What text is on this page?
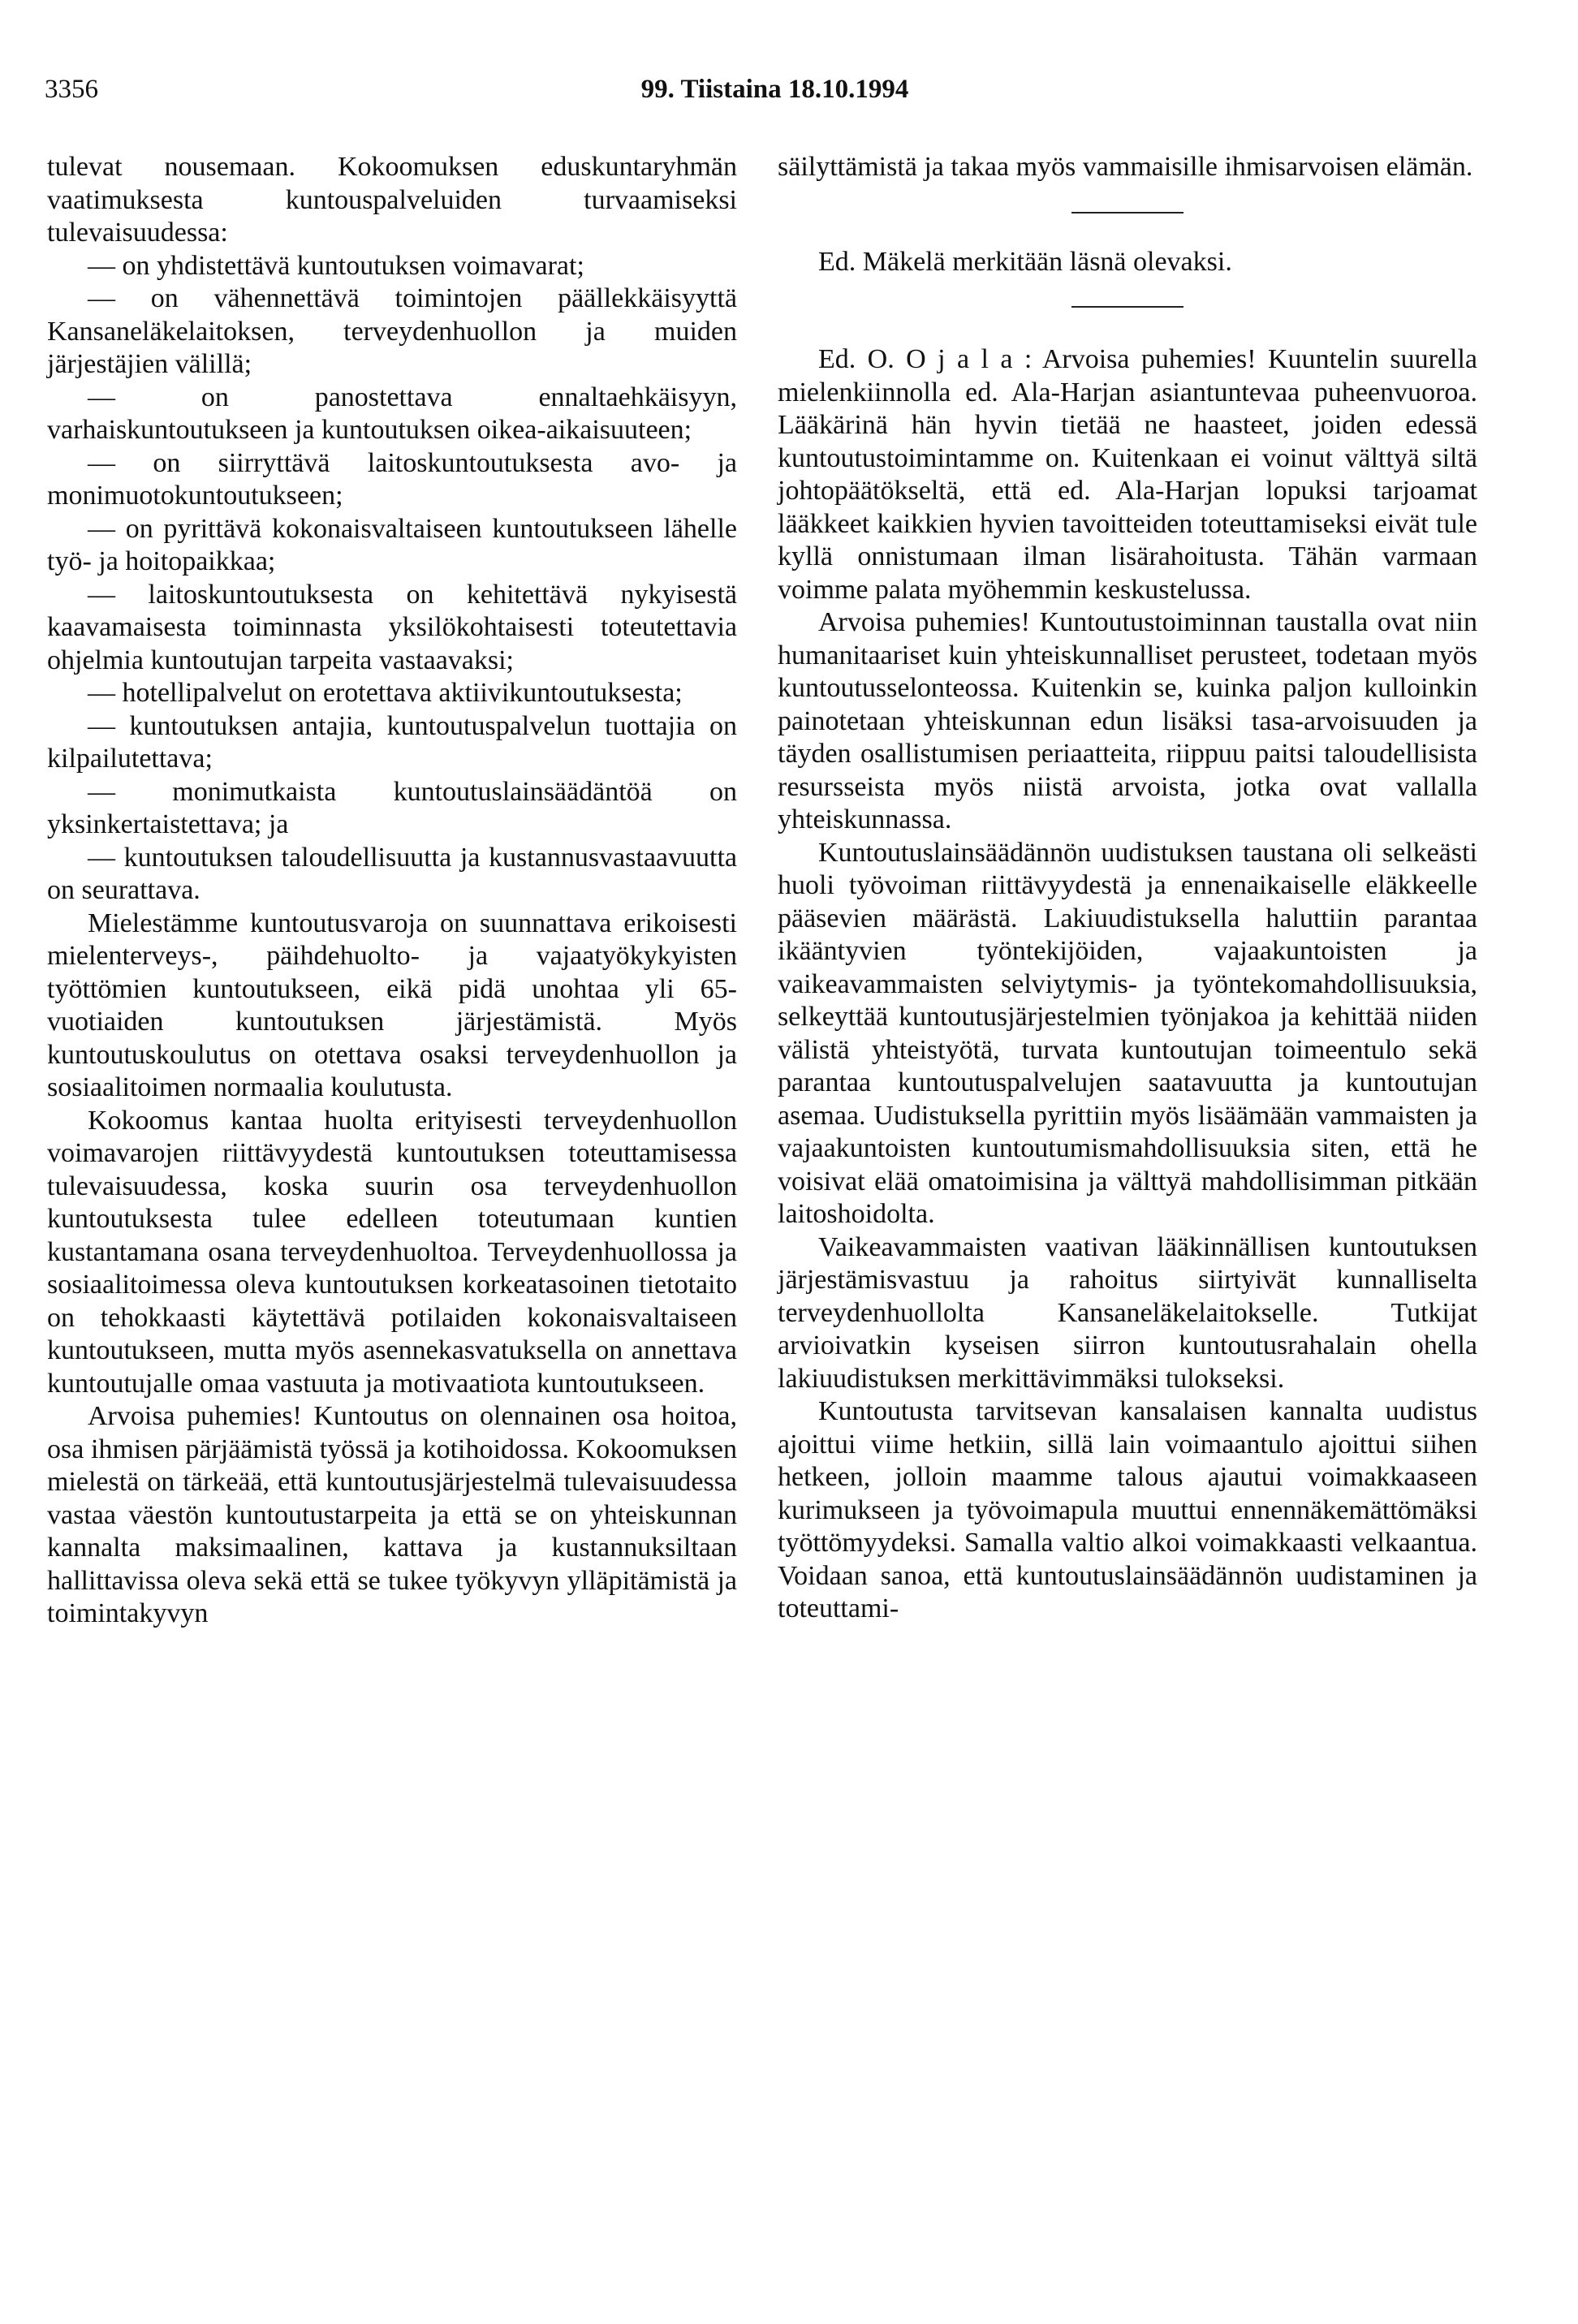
3356	99. Tiistaina 18.10.1994

tulevat nousemaan. Kokoomuksen eduskuntaryhmän vaatimuksesta kuntouspalveluiden turvaamiseksi tulevaisuudessa:

— on yhdistettävä kuntoutuksen voimavarat;

— on vähennettävä toimintojen päällekkäisyyttä Kansaneläkelaitoksen, terveydenhuollon ja muiden järjestäjien välillä;

— on panostettava ennaltaehkäisyyn, varhaiskuntoutukseen ja kuntoutuksen oikea-aikaisuuteen;

— on siirryttävä laitoskuntoutuksesta avo- ja monimuotokuntoutukseen;

— on pyrittävä kokonaisvaltaiseen kuntoutukseen lähelle työ- ja hoitopaikkaa;

— laitoskuntoutuksesta on kehitettävä nykyisestä kaavamaisesta toiminnasta yksilökohtaisesti toteutettavia ohjelmia kuntoutujan tarpeita vastaavaksi;

— hotellipalvelut on erotettava aktiivikuntoutuksesta;

— kuntoutuksen antajia, kuntoutuspalvelun tuottajia on kilpailutettava;

— monimutkaista kuntoutuslainsäädäntöä on yksinkertaistettava; ja

— kuntoutuksen taloudellisuutta ja kustannusvastaavuutta on seurattava.

Mielestämme kuntoutusvaroja on suunnattava erikoisesti mielenterveys-, päihdehuolto- ja vajaatyökykyisten työttömien kuntoutukseen, eikä pidä unohtaa yli 65-vuotiaiden kuntoutuksen järjestämistä. Myös kuntoutuskoulutus on otettava osaksi terveydenhuollon ja sosiaalitoimen normaalia koulutusta.

Kokoomus kantaa huolta erityisesti terveydenhuollon voimavarojen riittävyydestä kuntoutuksen toteuttamisessa tulevaisuudessa, koska suurin osa terveydenhuollon kuntoutuksesta tulee edelleen toteutumaan kuntien kustantamana osana terveydenhuoltoa. Terveydenhuollossa ja sosiaalitoimessa oleva kuntoutuksen korkeatasoinen tietotaito on tehokkaasti käytettävä potilaiden kokonaisvaltaiseen kuntoutukseen, mutta myös asennekasvatuksella on annettava kuntoutujalle omaa vastuuta ja motivaatiota kuntoutukseen.

Arvoisa puhemies! Kuntoutus on olennainen osa hoitoa, osa ihmisen pärjäämistä työssä ja kotihoidossa. Kokoomuksen mielestä on tärkeää, että kuntoutusjärjestelmä tulevaisuudessa vastaa väestön kuntoutustarpeita ja että se on yhteiskunnan kannalta maksimaalinen, kattava ja kustannuksiltaan hallittavissa oleva sekä että se tukee työkyvyn ylläpitämistä ja toimintakyvyn

säilyttämistä ja takaa myös vammaisille ihmisarvoisen elämän.

Ed. Mäkelä merkitään läsnä olevaksi.

Ed. O. O j a l a : Arvoisa puhemies! Kuuntelin suurella mielenkiinnolla ed. Ala-Harjan asiantuntevaa puheenvuoroa. Lääkärinä hän hyvin tietää ne haasteet, joiden edessä kuntoutustoimintamme on. Kuitenkaan ei voinut välttyä siltä johtopäätökseltä, että ed. Ala-Harjan lopuksi tarjoamat lääkkeet kaikkien hyvien tavoitteiden toteuttamiseksi eivät tule kyllä onnistumaan ilman lisärahoitusta. Tähän varmaan voimme palata myöhemmin keskustelussa.

Arvoisa puhemies! Kuntoutustoiminnan taustalla ovat niin humanitaariset kuin yhteiskunnalliset perusteet, todetaan myös kuntoutusselonteossa. Kuitenkin se, kuinka paljon kulloinkin painotetaan yhteiskunnan edun lisäksi tasa-arvoisuuden ja täyden osallistumisen periaatteita, riippuu paitsi taloudellisista resursseista myös niistä arvoista, jotka ovat vallalla yhteiskunnassa.

Kuntoutuslainsäädännön uudistuksen taustana oli selkeästi huoli työvoiman riittävyydestä ja ennenaikaiselle eläkkeelle pääsevien määrästä. Lakiuudistuksella haluttiin parantaa ikääntyvien työntekijöiden, vajaakuntoisten ja vaikeavammaisten selviytymis- ja työntekomahdollisuuksia, selkeyttää kuntoutusjärjestelmien työnjakoa ja kehittää niiden välistä yhteistyötä, turvata kuntoutujan toimeentulo sekä parantaa kuntoutuspalvelujen saatavuutta ja kuntoutujan asemaa. Uudistuksella pyrittiin myös lisäämään vammaisten ja vajaakuntoisten kuntoutumismahdollisuuksia siten, että he voisivat elää omatoimisina ja välttyä mahdollisimman pitkään laitoshoidolta.

Vaikeavammaisten vaativan lääkinnällisen kuntoutuksen järjestämisvastuu ja rahoitus siirtyivät kunnalliselta terveydenhuollolta Kansaneläkelaitokselle. Tutkijat arvioivatkin kyseisen siirron kuntoutusrahalain ohella lakiuudistuksen merkittävimmäksi tulokseksi.

Kuntoutusta tarvitsevan kansalaisen kannalta uudistus ajoittui viime hetkiin, sillä lain voimaantulo ajoittui siihen hetkeen, jolloin maamme talous ajautui voimakkaaseen kurimukseen ja työvoimapula muuttui ennennäkemättömäksi työttömyydeksi. Samalla valtio alkoi voimakkaasti velkaantua. Voidaan sanoa, että kuntoutuslainsäädännön uudistaminen ja toteuttami-
